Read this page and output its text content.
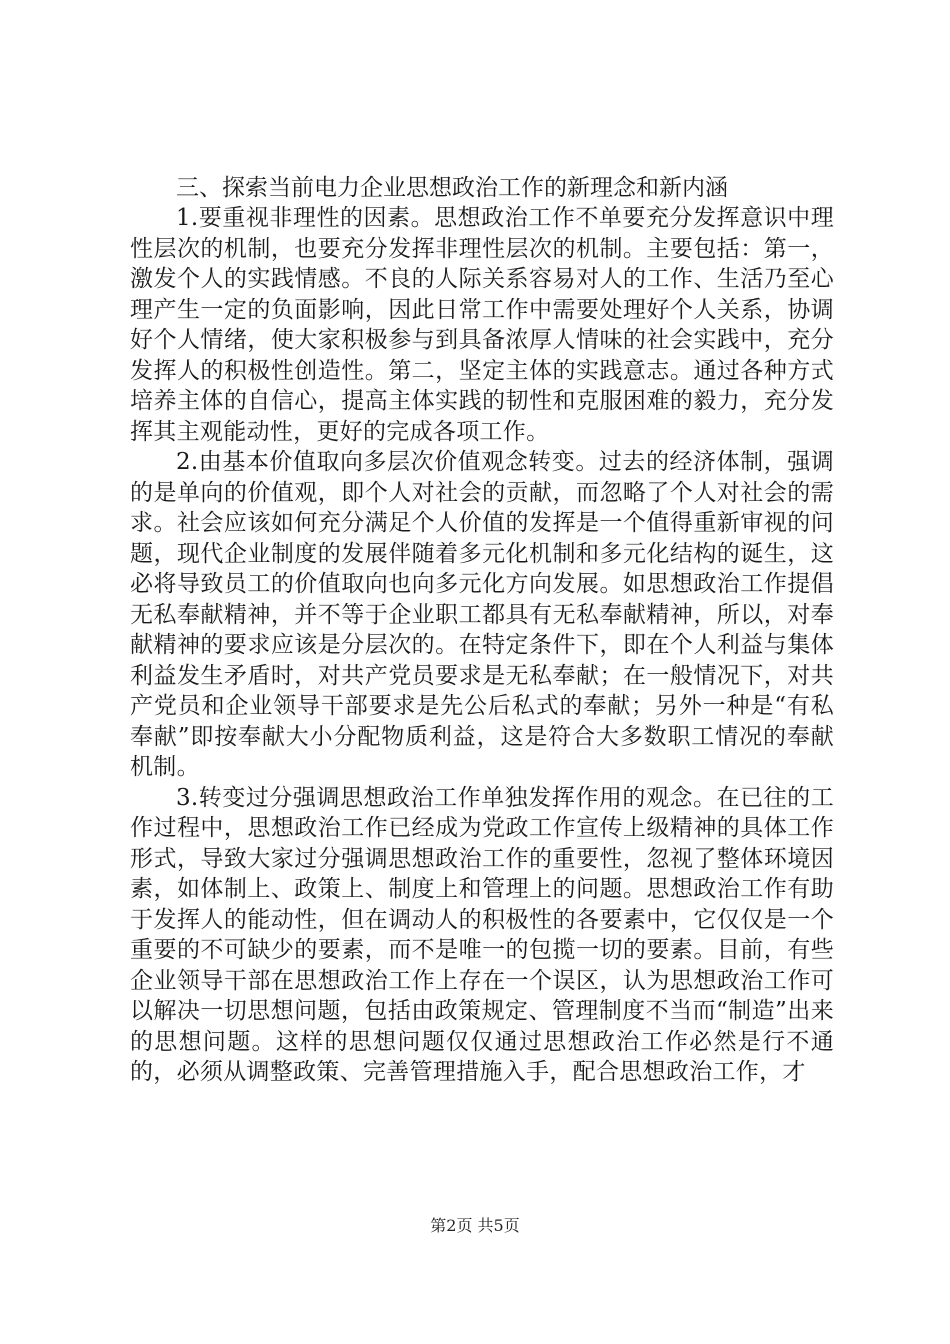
三、探索当前电力企业思想政治工作的新理念和新内涵

1.要重视非理性的因素。思想政治工作不单要充分发挥意识中理性层次的机制，也要充分发挥非理性层次的机制。主要包括：第一，激发个人的实践情感。不良的人际关系容易对人的工作、生活乃至心理产生一定的负面影响，因此日常工作中需要处理好个人关系，协调好个人情绪，使大家积极参与到具备浓厚人情味的社会实践中，充分发挥人的积极性创造性。第二，坚定主体的实践意志。通过各种方式培养主体的自信心，提高主体实践的韧性和克服困难的毅力，充分发挥其主观能动性，更好的完成各项工作。

2.由基本价值取向多层次价值观念转变。过去的经济体制，强调的是单向的价值观，即个人对社会的贡献，而忽略了个人对社会的需求。社会应该如何充分满足个人价值的发挥是一个值得重新审视的问题，现代企业制度的发展伴随着多元化机制和多元化结构的诞生，这必将导致员工的价值取向也向多元化方向发展。如思想政治工作提倡无私奉献精神，并不等于企业职工都具有无私奉献精神，所以，对奉献精神的要求应该是分层次的。在特定条件下，即在个人利益与集体利益发生矛盾时，对共产党员要求是无私奉献；在一般情况下，对共产党员和企业领导干部要求是先公后私式的奉献；另外一种是“有私奉献”即按奉献大小分配物质利益，这是符合大多数职工情况的奉献机制。

3.转变过分强调思想政治工作单独发挥作用的观念。在已往的工作过程中，思想政治工作已经成为党政工作宣传上级精神的具体工作形式，导致大家过分强调思想政治工作的重要性，忽视了整体环境因素，如体制上、政策上、制度上和管理上的问题。思想政治工作有助于发挥人的能动性，但在调动人的积极性的各要素中，它仅仅是一个重要的不可缺少的要素，而不是唯一的包揽一切的要素。目前，有些企业领导干部在思想政治工作上存在一个误区，认为思想政治工作可以解决一切思想问题，包括由政策规定、管理制度不当而“制造”出来的思想问题。这样的思想问题仅仅通过思想政治工作必然是行不通的，必须从调整政策、完善管理措施入手，配合思想政治工作，才

第2页 共5页
